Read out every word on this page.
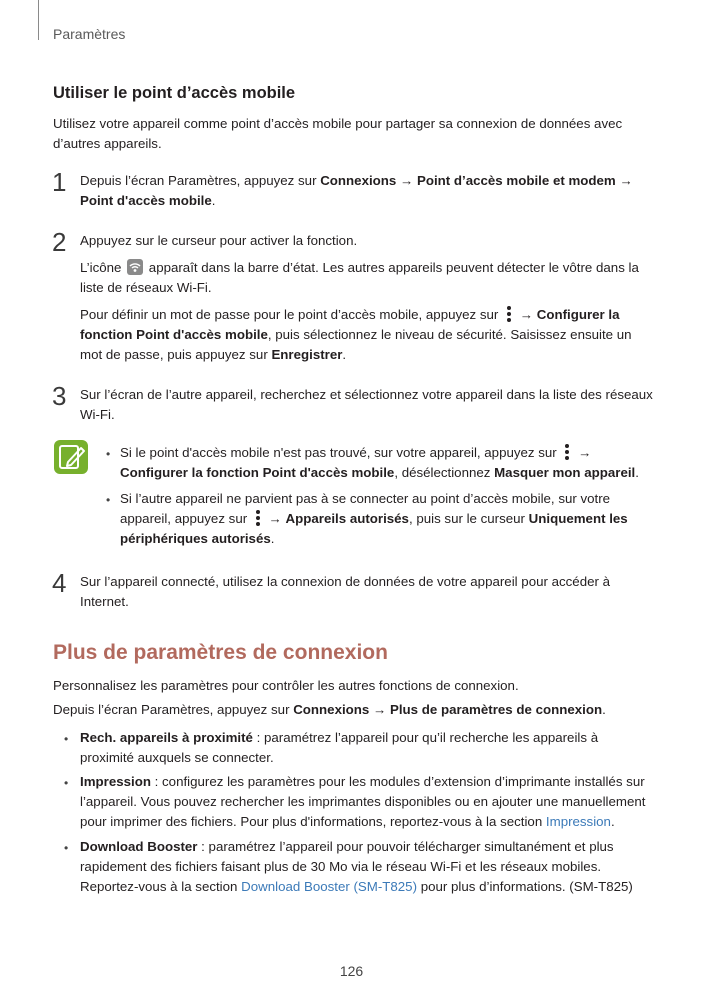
Paramètres
Utiliser le point d’accès mobile

Utilisez votre appareil comme point d’accès mobile pour partager sa connexion de données avec d’autres appareils.

1 Depuis l’écran Paramètres, appuyez sur Connexions → Point d’accès mobile et modem → Point d'accès mobile.

2 Appuyez sur le curseur pour activer la fonction.

L’icône  apparaît dans la barre d’état. Les autres appareils peuvent détecter le vôtre dans la liste de réseaux Wi-Fi.

Pour définir un mot de passe pour le point d’accès mobile, appuyez sur
→ Configurer la fonction Point d'accès mobile, puis sélectionnez le niveau de sécurité. Saisissez ensuite un mot de passe, puis appuyez sur Enregistrer.

3 Sur l’écran de l’autre appareil, recherchez et sélectionnez votre appareil dans la liste des réseaux Wi-Fi.

• Si le point d'accès mobile n'est pas trouvé, sur votre appareil, appuyez sur
→ Configurer la fonction Point d'accès mobile, désélectionnez Masquer mon appareil.

• Si l’autre appareil ne parvient pas à se connecter au point d’accès mobile, sur votre appareil, appuyez sur
→ Appareils autorisés, puis sur le curseur Uniquement les périphériques autorisés.

4 Sur l’appareil connecté, utilisez la connexion de données de votre appareil pour accéder à Internet.

Plus de paramètres de connexion

Personnalisez les paramètres pour contrôler les autres fonctions de connexion.

Depuis l’écran Paramètres, appuyez sur Connexions → Plus de paramètres de connexion.

• Rech. appareils à proximité : paramétrez l’appareil pour qu’il recherche les appareils à proximité auxquels se connecter.

• Impression : configurez les paramètres pour les modules d’extension d’imprimante installés sur l’appareil. Vous pouvez rechercher les imprimantes disponibles ou en ajouter une manuellement pour imprimer des fichiers. Pour plus d'informations, reportez-vous à la section Impression.

• Download Booster : paramétrez l’appareil pour pouvoir télécharger simultanément et plus rapidement des fichiers faisant plus de 30 Mo via le réseau Wi-Fi et les réseaux mobiles. Reportez-vous à la section Download Booster (SM-T825) pour plus d’informations. (SM-T825)

126
